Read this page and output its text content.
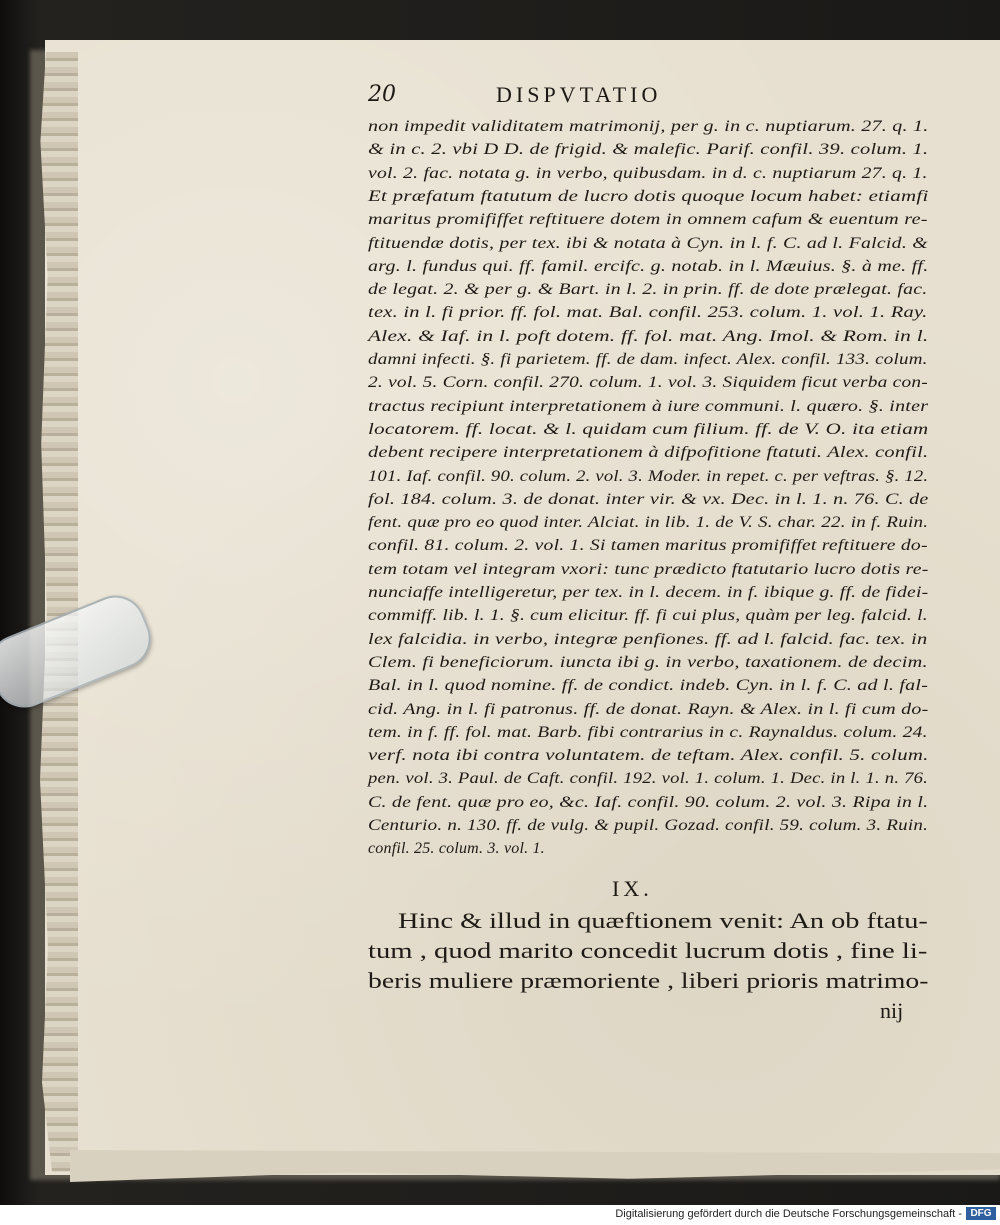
20	DISPVTATIO
non impedit validitatem matrimonij, per g. in c. nuptiarum. 27. q. 1.
& in c. 2. vbi D D. de frigid. & malefic. Parif. confil. 39. colum. 1.
vol. 2. fac. notata g. in verbo, quibusdam. in d. c. nuptiarum 27. q. 1.
Et præfatum ftatutum de lucro dotis quoque locum habet: etiamfi
maritus promififfet reftituere dotem in omnem cafum & euentum re-
ftituendæ dotis, per tex. ibi & notata à Cyn. in l. f. C. ad l. Falcid. &
arg. l. fundus qui. ff. famil. ercifc. g. notab. in l. Mæuius. §. à me. ff.
de legat. 2. & per g. & Bart. in l. 2. in prin. ff. de dote prælegat. fac.
tex. in l. fi prior. ff. fol. mat. Bal. confil. 253. colum. 1. vol. 1. Ray.
Alex. & Iaf. in l. poft dotem. ff. fol. mat. Ang. Imol. & Rom. in l.
damni infecti. §. fi parietem. ff. de dam. infect. Alex. confil. 133. colum.
2. vol. 5. Corn. confil. 270. colum. 1. vol. 3. Siquidem ficut verba con-
tractus recipiunt interpretationem à iure communi. l. quæro. §. inter
locatorem. ff. locat. & l. quidam cum filium. ff. de V. O. ita etiam
debent recipere interpretationem à difpofitione ftatuti. Alex. confil.
101. Iaf. confil. 90. colum. 2. vol. 3. Moder. in repet. c. per veftras. §. 12.
fol. 184. colum. 3. de donat. inter vir. & vx. Dec. in l. 1. n. 76. C. de
fent. quæ pro eo quod inter. Alciat. in lib. 1. de V. S. char. 22. in f. Ruin.
confil. 81. colum. 2. vol. 1. Si tamen maritus promififfet reftituere do-
tem totam vel integram vxori: tunc prædicto ftatutario lucro dotis re-
nunciaffe intelligeretur, per tex. in l. decem. in f. ibique g. ff. de fidei-
commiff. lib. l. 1. §. cum elicitur. ff. fi cui plus, quàm per leg. falcid. l.
lex falcidia. in verbo, integræ penfiones. ff. ad l. falcid. fac. tex. in
Clem. fi beneficiorum. iuncta ibi g. in verbo, taxationem. de decim.
Bal. in l. quod nomine. ff. de condict. indeb. Cyn. in l. f. C. ad l. fal-
cid. Ang. in l. fi patronus. ff. de donat. Rayn. & Alex. in l. fi cum do-
tem. in f. ff. fol. mat. Barb. fibi contrarius in c. Raynaldus. colum. 24.
verf. nota ibi contra voluntatem. de teftam. Alex. confil. 5. colum.
pen. vol. 3. Paul. de Caft. confil. 192. vol. 1. colum. 1. Dec. in l. 1. n. 76.
C. de fent. quæ pro eo, &c. Iaf. confil. 90. colum. 2. vol. 3. Ripa in l.
Centurio. n. 130. ff. de vulg. & pupil. Gozad. confil. 59. colum. 3. Ruin.
confil. 25. colum. 3. vol. 1.
IX.
Hinc & illud in quæftionem venit: An ob ftatu-
tum , quod marito concedit lucrum dotis , fine li-
beris muliere præmoriente , liberi prioris matrimo-
nij
Digitalisierung gefördert durch die Deutsche Forschungsgemeinschaft - DFG
